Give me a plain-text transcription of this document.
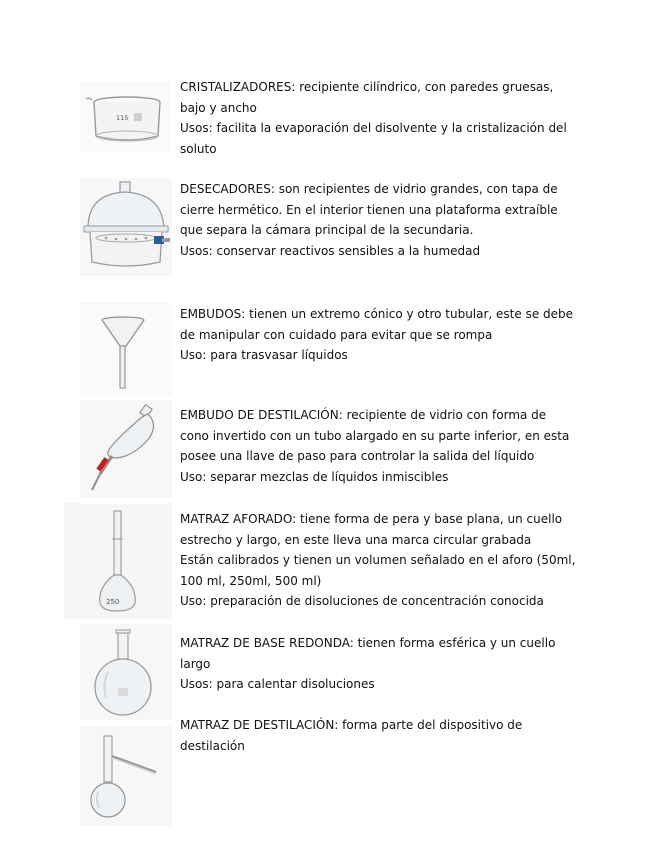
115

CRISTALIZADORES: recipiente cilíndrico, con paredes gruesas,

bajo y ancho

Usos: facilita la evaporación del disolvente y la cristalización del

soluto

DESECADORES: son recipientes de vidrio grandes, con tapa de

cierre hermético. En el interior tienen una plataforma extraíble

que separa la cámara principal de la secundaria.

Usos: conservar reactivos sensibles a la humedad

EMBUDOS: tienen un extremo cónico y otro tubular, este se debe

de manipular con cuidado para evitar que se rompa

Uso: para trasvasar líquidos

EMBUDO DE DESTILACIÓN: recipiente de vidrio con forma de

cono invertido con un tubo alargado en su parte inferior, en esta

posee una llave de paso para controlar la salida del líquido

Uso: separar mezclas de líquidos inmiscibles

250

MATRAZ AFORADO: tiene forma de pera y base plana, un cuello

estrecho y largo, en este lleva una marca circular grabada

Están calibrados y tienen un volumen señalado en el aforo (50ml,

100 ml, 250ml, 500 ml)

Uso: preparación de disoluciones de concentración conocida

MATRAZ DE BASE REDONDA: tienen forma esférica y un cuello

largo

Usos: para calentar disoluciones

MATRAZ DE DESTILACIÓN: forma parte del dispositivo de

destilación
